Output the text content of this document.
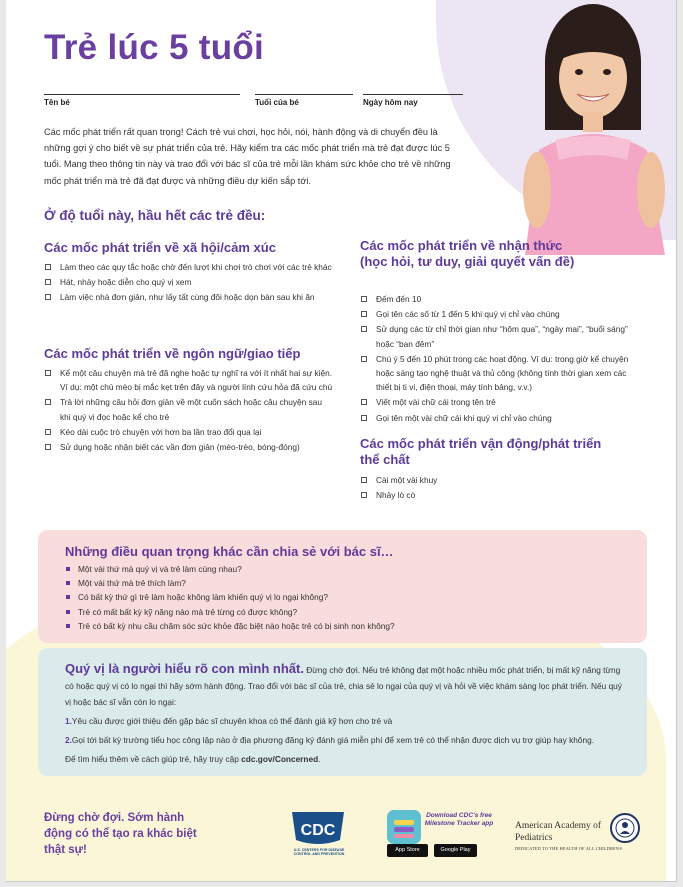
Trẻ lúc 5 tuổi
Tên bé	Tuổi của bé	Ngày hôm nay
Các mốc phát triển rất quan trọng! Cách trẻ vui chơi, học hỏi, nói, hành động và di chuyển đều là những gợi ý cho biết về sự phát triển của trẻ. Hãy kiểm tra các mốc phát triển mà trẻ đạt được lúc 5 tuổi. Mang theo thông tin này và trao đổi với bác sĩ của trẻ mỗi lần khám sức khỏe cho trẻ về những mốc phát triển mà trẻ đã đạt được và những điều dự kiến sắp tới.
Ở độ tuổi này, hầu hết các trẻ đều:
Các mốc phát triển về xã hội/cảm xúc
Làm theo các quy tắc hoặc chờ đến lượt khi chơi trò chơi với các trẻ khác
Hát, nhảy hoặc diễn cho quý vị xem
Làm việc nhà đơn giản, như lấy tất cùng đôi hoặc dọn bàn sau khi ăn
Các mốc phát triển về ngôn ngữ/giao tiếp
Kể một câu chuyện mà trẻ đã nghe hoặc tự nghĩ ra với ít nhất hai sự kiện. Ví dụ: một chú mèo bị mắc kẹt trên đây và người lính cứu hỏa đã cứu chú
Trả lời những câu hỏi đơn giản về một cuốn sách hoặc câu chuyện sau khi quý vị đọc hoặc kể cho trẻ
Kéo dài cuộc trò chuyện với hơn ba lần trao đổi qua lại
Sử dụng hoặc nhận biết các vần đơn giản (mèo-trèo, bóng-đóng)
Các mốc phát triển về nhận thức (học hỏi, tư duy, giải quyết vấn đề)
Đếm đến 10
Gọi tên các số từ 1 đến 5 khi quý vị chỉ vào chúng
Sử dụng các từ chỉ thời gian như “hôm qua”, “ngày mai”, “buổi sáng” hoặc “ban đêm”
Chú ý 5 đến 10 phút trong các hoạt động. Ví dụ: trong giờ kể chuyện hoặc sáng tạo nghệ thuật và thủ công (không tính thời gian xem các thiết bị ti vi, điện thoại, máy tính bảng, v.v.)
Viết một vài chữ cái trong tên trẻ
Gọi tên một vài chữ cái khi quý vị chỉ vào chúng
Các mốc phát triển vận động/phát triển thể chất
Cài một vài khuy
Nhảy lò cò
Những điều quan trọng khác cần chia sẻ với bác sĩ…
Một vài thứ mà quý vị và trẻ làm cùng nhau?
Một vài thứ mà trẻ thích làm?
Có bất kỳ thứ gì trẻ làm hoặc không làm khiến quý vị lo ngại không?
Trẻ có mất bất kỳ kỹ năng nào mà trẻ từng có được không?
Trẻ có bất kỳ nhu cầu chăm sóc sức khỏe đặc biệt nào hoặc trẻ có bị sinh non không?

Quý vị là người hiểu rõ con mình nhất. Đừng chờ đợi. Nếu trẻ không đạt một hoặc nhiều mốc phát triển, bị mất kỹ năng từng có hoặc quý vị có lo ngại thì hãy sớm hành động. Trao đổi với bác sĩ của trẻ, chia sẻ lo ngại của quý vị và hỏi về việc khám sàng lọc phát triển. Nếu quý vị hoặc bác sĩ vẫn còn lo ngại:

1.Yêu cầu được giới thiệu đến gặp bác sĩ chuyên khoa có thể đánh giá kỹ hơn cho trẻ và

2.Gọi tới bất kỳ trường tiểu học công lập nào ở địa phương đăng ký đánh giá miễn phí để xem trẻ có thể nhận được dịch vụ trợ giúp hay không.

Để tìm hiểu thêm về cách giúp trẻ, hãy truy cập cdc.gov/Concerned.

Đừng chờ đợi. Sớm hành động có thể tạo ra khác biệt thật sự!
CDC
U.S. CENTERS FOR DISEASE CONTROL AND PREVENTION
Download CDC's free Milestone Tracker app
App Store	Google Play
American Academy of Pediatrics
DEDICATED TO THE HEALTH OF ALL CHILDREN®
